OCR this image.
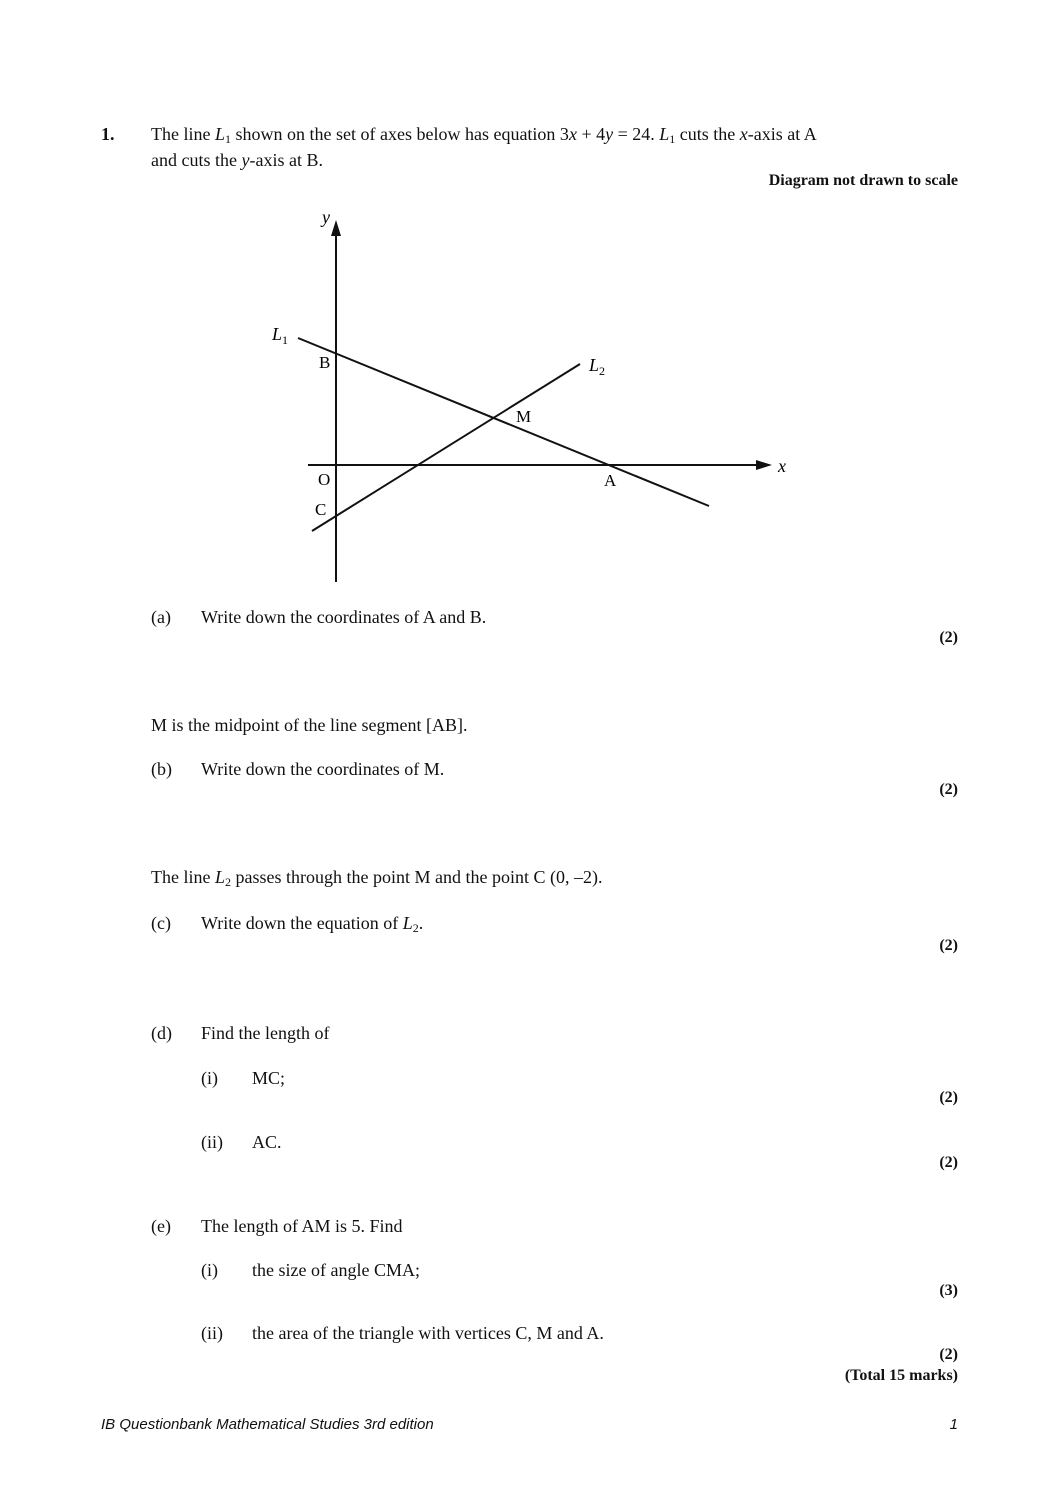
1. The line $L_1$ shown on the set of axes below has equation 3x + 4y = 24. $L_1$ cuts the x-axis at A
and cuts the y-axis at B.
Diagram not drawn to scale
y
x
$L_1$
$L_2$
B
M
O	A
C
(a) Write down the coordinates of A and B.
(2)
M is the midpoint of the line segment [AB].
(b) Write down the coordinates of M.
(2)
The line $L_2$ passes through the point M and the point C (0, –2).
(c) Write down the equation of $L_2$.
(2)
(d) Find the length of
(i) MC;
(2)
(ii) AC.
(2)
(e) The length of AM is 5. Find
(i) the size of angle CMA;
(3)
(ii) the area of the triangle with vertices C, M and A.
(2)
(Total 15 marks)
IB Questionbank Mathematical Studies 3rd edition	1
